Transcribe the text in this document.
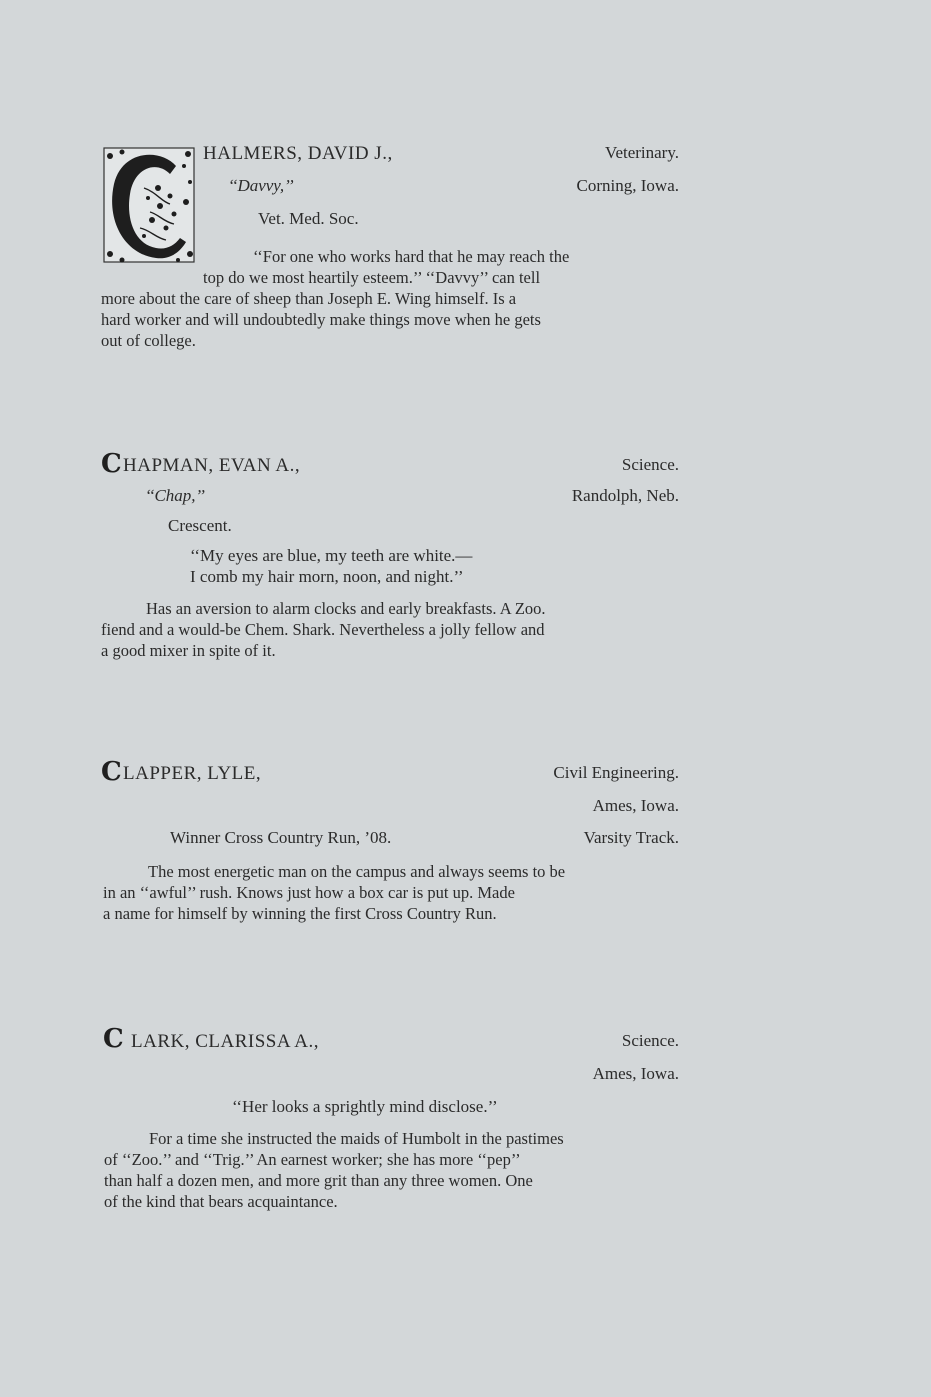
HALMERS, DAVID J.,	Veterinary.
‘‘Davvy,’’	Corning, Iowa.
Vet. Med. Soc.
‘‘For one who works hard that he may reach the
top do we most heartily esteem.’’ ‘‘Davvy’’ can tell
more about the care of sheep than Joseph E. Wing himself. Is a
hard worker and will undoubtedly make things move when he gets
out of college.
C HAPMAN, EVAN A.,	Science.
‘‘Chap,’’	Randolph, Neb.
Crescent.
‘‘My eyes are blue, my teeth are white.—
I comb my hair morn, noon, and night.’’
Has an aversion to alarm clocks and early breakfasts. A Zoo.
fiend and a would-be Chem. Shark. Nevertheless a jolly fellow and
a good mixer in spite of it.
C LAPPER, LYLE,	Civil Engineering.
Ames, Iowa.
Winner Cross Country Run, ’08.	Varsity Track.
The most energetic man on the campus and always seems to be
in an ‘‘awful’’ rush. Knows just how a box car is put up. Made
a name for himself by winning the first Cross Country Run.
C LARK, CLARISSA A.,	Science.
Ames, Iowa.
‘‘Her looks a sprightly mind disclose.’’
For a time she instructed the maids of Humbolt in the pastimes
of ‘‘Zoo.’’ and ‘‘Trig.’’ An earnest worker; she has more ‘‘pep’’
than half a dozen men, and more grit than any three women. One
of the kind that bears acquaintance.
